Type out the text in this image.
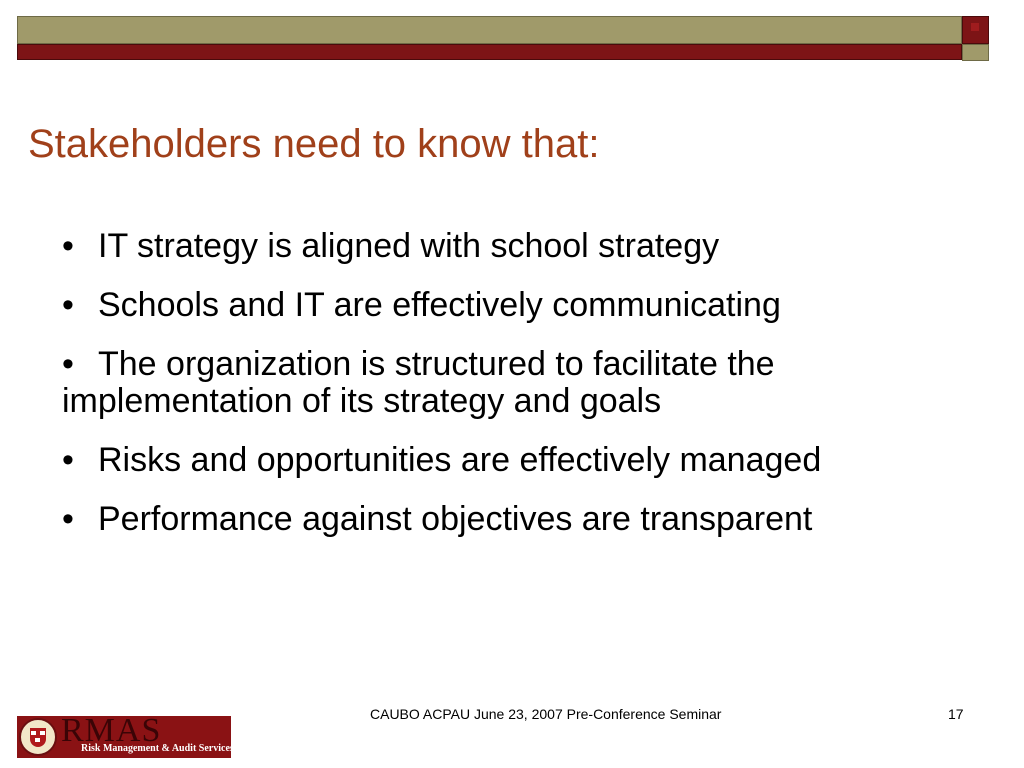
Stakeholders need to know that:
• IT strategy is aligned with school strategy
• Schools and IT are effectively communicating
• The organization is structured to facilitate the implementation of its strategy and goals
• Risks and opportunities are effectively managed
• Performance against objectives are transparent
RMAS
Risk Management & Audit Services
CAUBO ACPAU June 23, 2007 Pre-Conference Seminar	17
